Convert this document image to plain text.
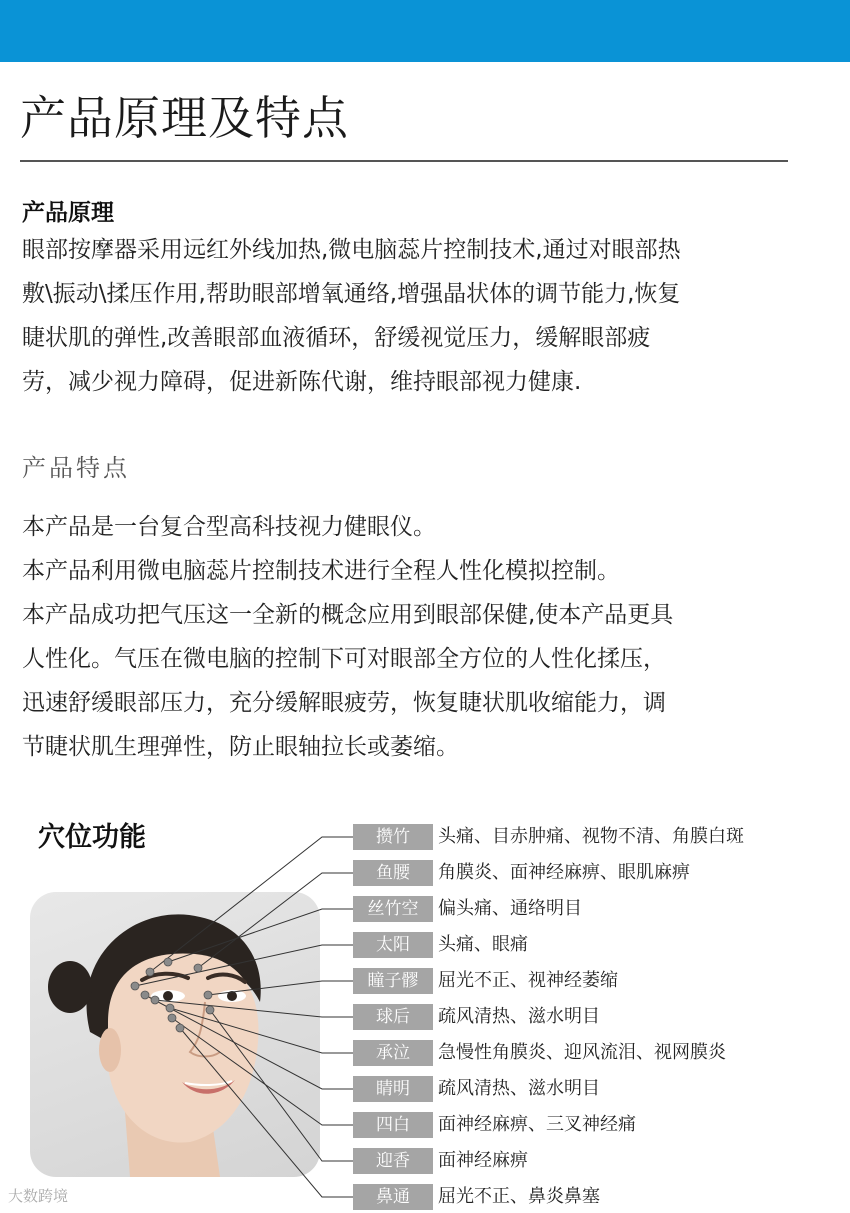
产品原理及特点
产品原理
眼部按摩器采用远红外线加热,微电脑蕊片控制技术,通过对眼部热
敷\振动\揉压作用,帮助眼部增氧通络,增强晶状体的调节能力,恢复
睫状肌的弹性,改善眼部血液循环，舒缓视觉压力，缓解眼部疲
劳，减少视力障碍，促进新陈代谢，维持眼部视力健康.
产品特点
本产品是一台复合型高科技视力健眼仪。
本产品利用微电脑蕊片控制技术进行全程人性化模拟控制。
本产品成功把气压这一全新的概念应用到眼部保健,使本产品更具
人性化。气压在微电脑的控制下可对眼部全方位的人性化揉压，
迅速舒缓眼部压力，充分缓解眼疲劳，恢复睫状肌收缩能力，调
节睫状肌生理弹性，防止眼轴拉长或萎缩。
穴位功能	攒竹	头痛、目赤肿痛、视物不清、角膜白斑
鱼腰	角膜炎、面神经麻痹、眼肌麻痹
丝竹空	偏头痛、通络明目
太阳	头痛、眼痛
瞳子髎	屈光不正、视神经萎缩
球后	疏风清热、滋水明目
承泣	急慢性角膜炎、迎风流泪、视网膜炎
睛明	疏风清热、滋水明目
四白	面神经麻痹、三叉神经痛
迎香	面神经麻痹
鼻通	屈光不正、鼻炎鼻塞
大数跨境
